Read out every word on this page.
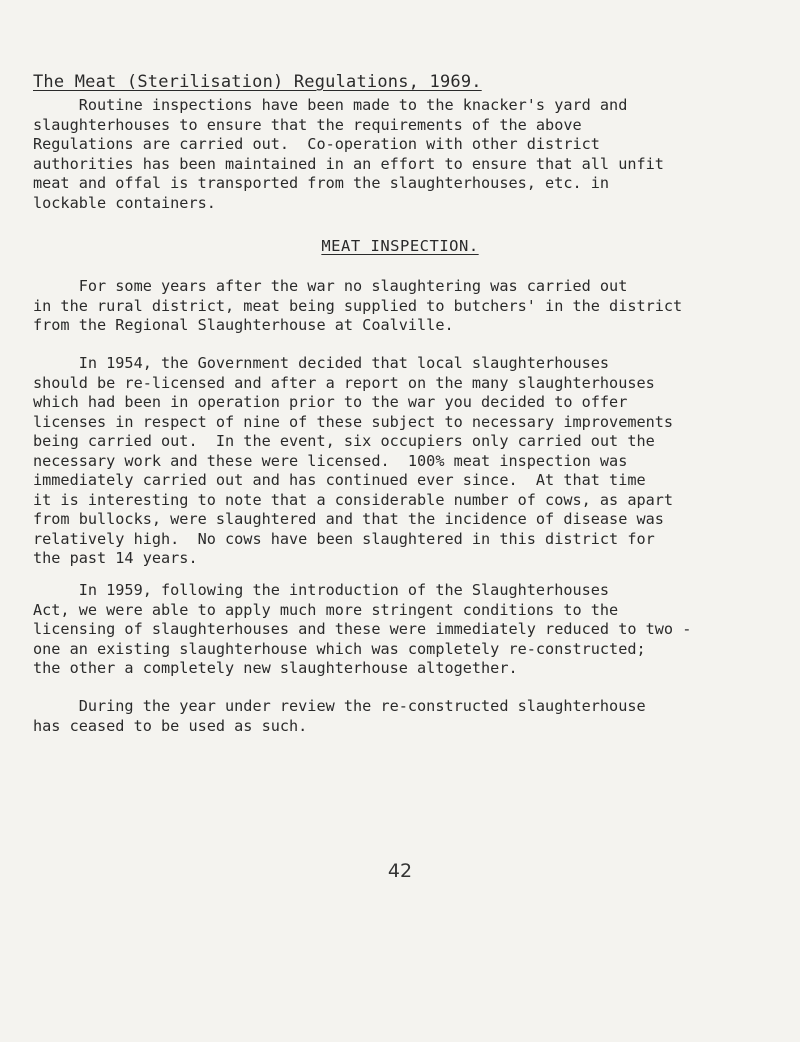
The Meat (Sterilisation) Regulations, 1969.

Routine inspections have been made to the knacker's yard and
slaughterhouses to ensure that the requirements of the above
Regulations are carried out.  Co-operation with other district
authorities has been maintained in an effort to ensure that all unfit
meat and offal is transported from the slaughterhouses, etc. in
lockable containers.

MEAT INSPECTION.

For some years after the war no slaughtering was carried out
in the rural district, meat being supplied to butchers' in the district
from the Regional Slaughterhouse at Coalville.

In 1954, the Government decided that local slaughterhouses
should be re-licensed and after a report on the many slaughterhouses
which had been in operation prior to the war you decided to offer
licenses in respect of nine of these subject to necessary improvements
being carried out.  In the event, six occupiers only carried out the
necessary work and these were licensed.  100% meat inspection was
immediately carried out and has continued ever since.  At that time
it is interesting to note that a considerable number of cows, as apart
from bullocks, were slaughtered and that the incidence of disease was
relatively high.  No cows have been slaughtered in this district for
the past 14 years.

In 1959, following the introduction of the Slaughterhouses
Act, we were able to apply much more stringent conditions to the
licensing of slaughterhouses and these were immediately reduced to two -
one an existing slaughterhouse which was completely re-constructed;
the other a completely new slaughterhouse altogether.

During the year under review the re-constructed slaughterhouse
has ceased to be used as such.

42
